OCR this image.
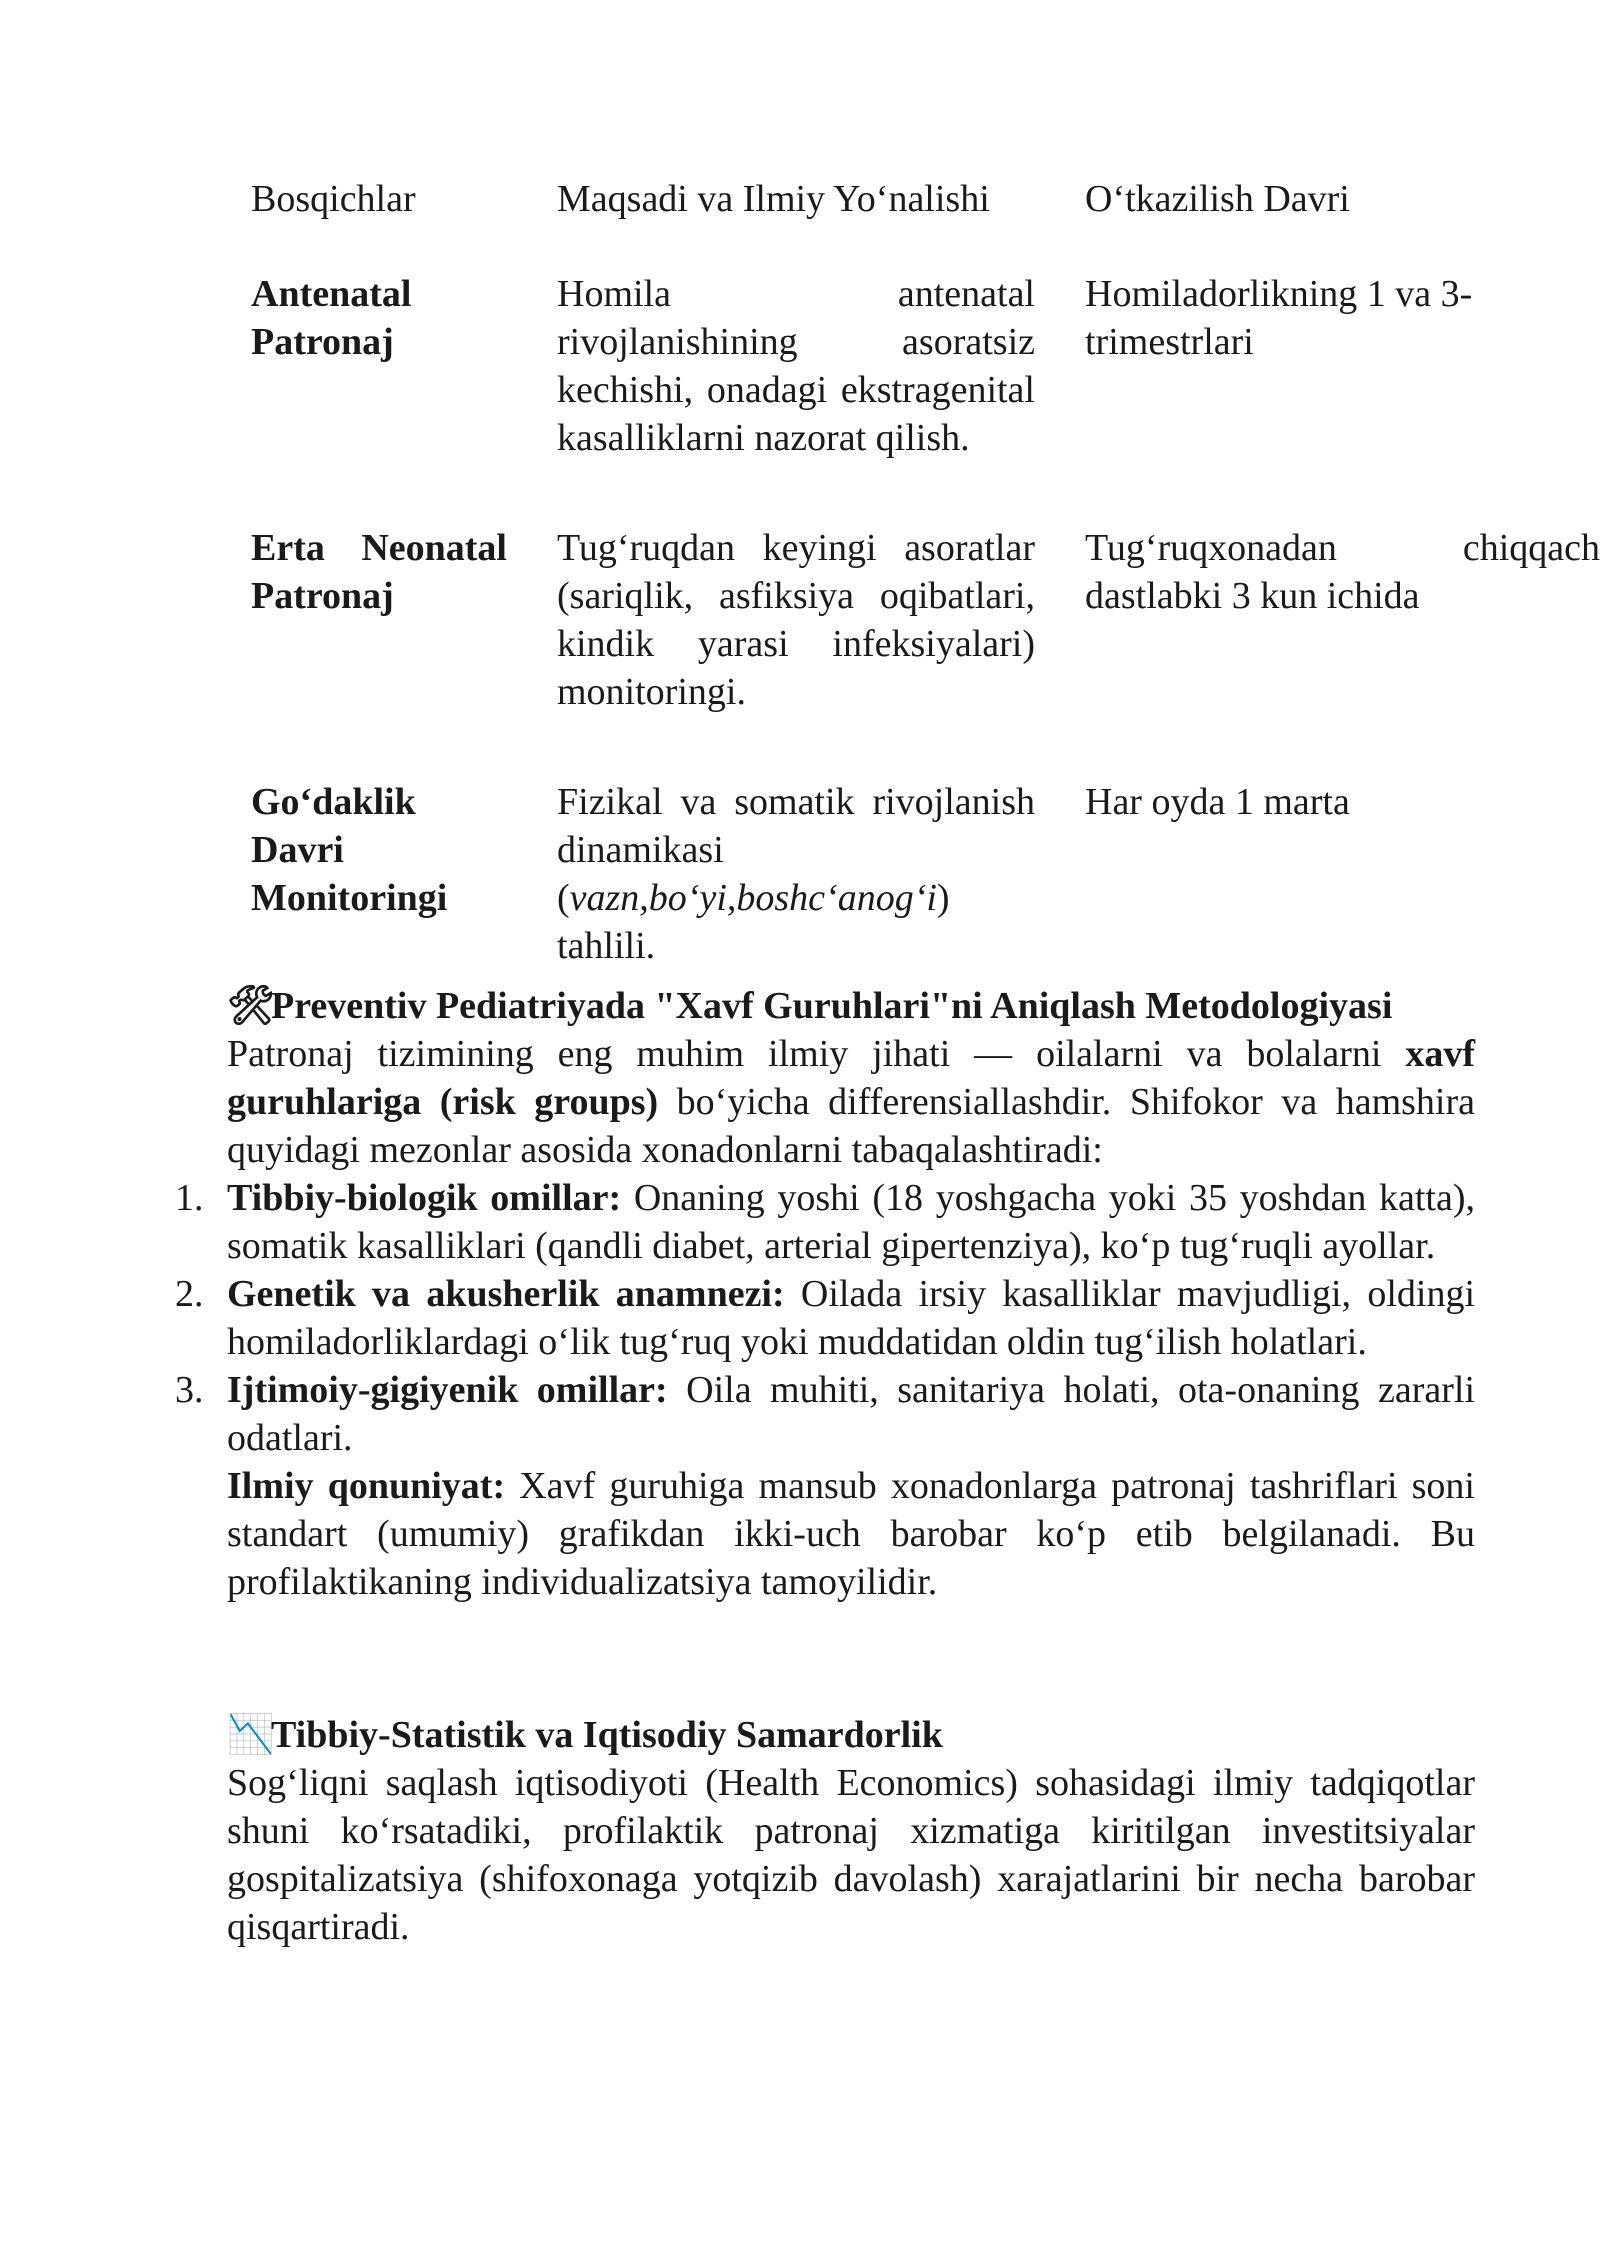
Bosqichlar	Maqsadi va Ilmiy Yo‘nalishi	O‘tkazilish Davri

Antenatal Patronaj	Homila antenatal rivojlanishining asoratsiz kechishi, onadagi ekstragenital kasalliklarni nazorat qilish.	Homiladorlikning 1 va 3-trimestrlari

Erta Neonatal Patronaj	Tug‘ruqdan keyingi asoratlar (sariqlik, asfiksiya oqibatlari, kindik yarasi infeksiyalari) monitoringi.	Tug‘ruqxonadan chiqqach dastlabki 3 kun ichida

Go‘daklik Davri Monitoringi	Fizikal va somatik rivojlanish dinamikasi (vazn,bo‘yi,boshc‘anog‘i) tahlili.	Har oyda 1 marta
🛠
Preventiv Pediatriyada "Xavf Guruhlari"ni Aniqlash Metodologiyasi
Patronaj tizimining eng muhim ilmiy jihati — oilalarni va bolalarni xavf guruhlariga (risk groups) bo‘yicha differensiallashdir. Shifokor va hamshira quyidagi mezonlar asosida xonadonlarni tabaqalashtiradi:
1. Tibbiy-biologik omillar: Onaning yoshi (18 yoshgacha yoki 35 yoshdan katta), somatik kasalliklari (qandli diabet, arterial gipertenziya), ko‘p tug‘ruqli ayollar.
2. Genetik va akusherlik anamnezi: Oilada irsiy kasalliklar mavjudligi, oldingi homiladorliklardagi o‘lik tug‘ruq yoki muddatidan oldin tug‘ilish holatlari.
3. Ijtimoiy-gigiyenik omillar: Oila muhiti, sanitariya holati, ota-onaning zararli odatlari.
Ilmiy qonuniyat: Xavf guruhiga mansub xonadonlarga patronaj tashriflari soni standart (umumiy) grafikdan ikki-uch barobar ko‘p etib belgilanadi. Bu profilaktikaning individualizatsiya tamoyilidir.
📉
Tibbiy-Statistik va Iqtisodiy Samardorlik
Sog‘liqni saqlash iqtisodiyoti (Health Economics) sohasidagi ilmiy tadqiqotlar shuni ko‘rsatadiki, profilaktik patronaj xizmatiga kiritilgan investitsiyalar gospitalizatsiya (shifoxonaga yotqizib davolash) xarajatlarini bir necha barobar qisqartiradi.
